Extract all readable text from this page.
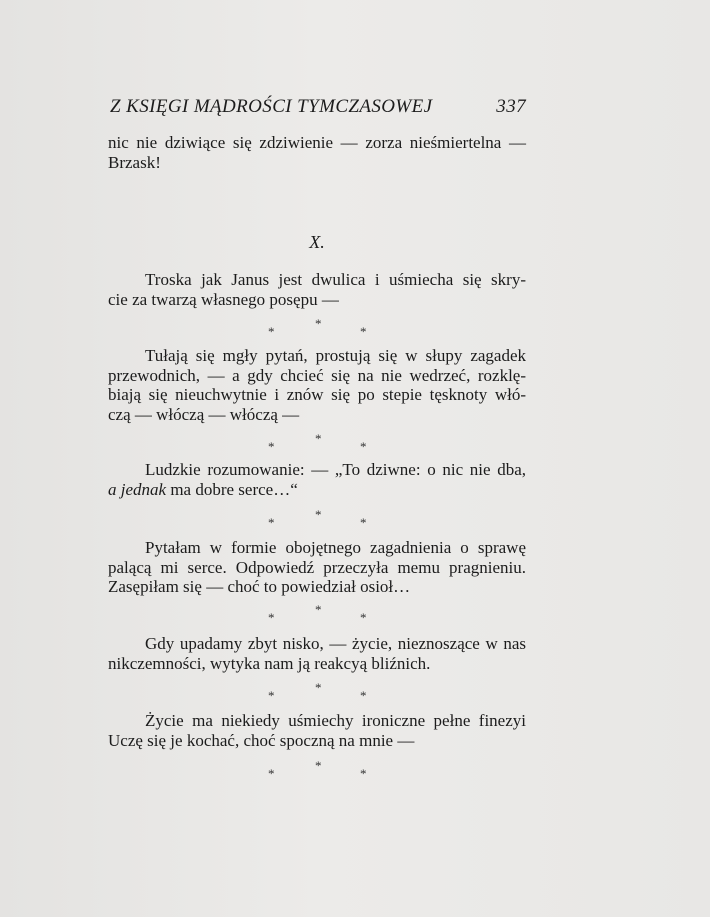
Z KSIĘGI MĄDROŚCI TYMCZASOWEJ	337
nic nie dziwiące się zdziwienie — zorza nieśmiertelna —
Brzask!
X.
Troska jak Janus jest dwulica i uśmiecha się skry-
cie za twarzą własnego posępu —
*
*
*
Tułają się mgły pytań, prostują się w słupy zagadek
przewodnich, — a gdy chcieć się na nie wedrzeć, rozklę-
biają się nieuchwytnie i znów się po stepie tęsknoty włó-
czą — włóczą — włóczą —
*
*
*
Ludzkie rozumowanie: — „To dziwne: o nic nie dba,
a jednak ma dobre serce…“
*
*
*
Pytałam w formie obojętnego zagadnienia o sprawę
palącą mi serce. Odpowiedź przeczyła memu pragnieniu.
Zasępiłam się — choć to powiedział osioł…
*
*
*
Gdy upadamy zbyt nisko, — życie, nieznoszące w nas
nikczemności, wytyka nam ją reakcyą bliźnich.
*
*
*
Życie ma niekiedy uśmiechy ironiczne pełne finezyi
Uczę się je kochać, choć spoczną na mnie —
*
*
*
